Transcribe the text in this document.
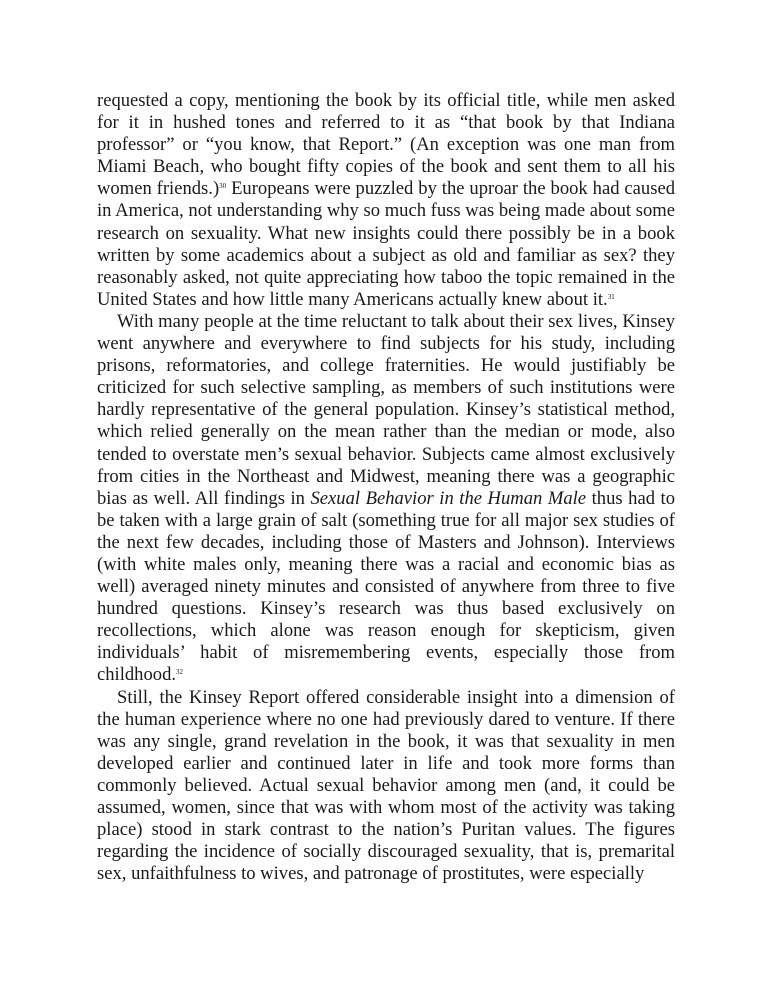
requested a copy, mentioning the book by its official title, while men asked for it in hushed tones and referred to it as “that book by that Indiana professor” or “you know, that Report.” (An exception was one man from Miami Beach, who bought fifty copies of the book and sent them to all his women friends.)$^{30}$ Europeans were puzzled by the uproar the book had caused in America, not understanding why so much fuss was being made about some research on sexuality. What new insights could there possibly be in a book written by some academics about a subject as old and familiar as sex? they reasonably asked, not quite appreciating how taboo the topic remained in the United States and how little many Americans actually knew about it.$^{31}$

With many people at the time reluctant to talk about their sex lives, Kinsey went anywhere and everywhere to find subjects for his study, including prisons, reformatories, and college fraternities. He would justifiably be criticized for such selective sampling, as members of such institutions were hardly representative of the general population. Kinsey’s statistical method, which relied generally on the mean rather than the median or mode, also tended to overstate men’s sexual behavior. Subjects came almost exclusively from cities in the Northeast and Midwest, meaning there was a geographic bias as well. All findings in Sexual Behavior in the Human Male thus had to be taken with a large grain of salt (something true for all major sex studies of the next few decades, including those of Masters and Johnson). Interviews (with white males only, meaning there was a racial and economic bias as well) averaged ninety minutes and consisted of anywhere from three to five hundred questions. Kinsey’s research was thus based exclusively on recollections, which alone was reason enough for skepticism, given individuals’ habit of misremembering events, especially those from childhood.$^{32}$

Still, the Kinsey Report offered considerable insight into a dimension of the human experience where no one had previously dared to venture. If there was any single, grand revelation in the book, it was that sexuality in men developed earlier and continued later in life and took more forms than commonly believed. Actual sexual behavior among men (and, it could be assumed, women, since that was with whom most of the activity was taking place) stood in stark contrast to the nation’s Puritan values. The figures regarding the incidence of socially discouraged sexuality, that is, premarital sex, unfaithfulness to wives, and patronage of prostitutes, were especially
